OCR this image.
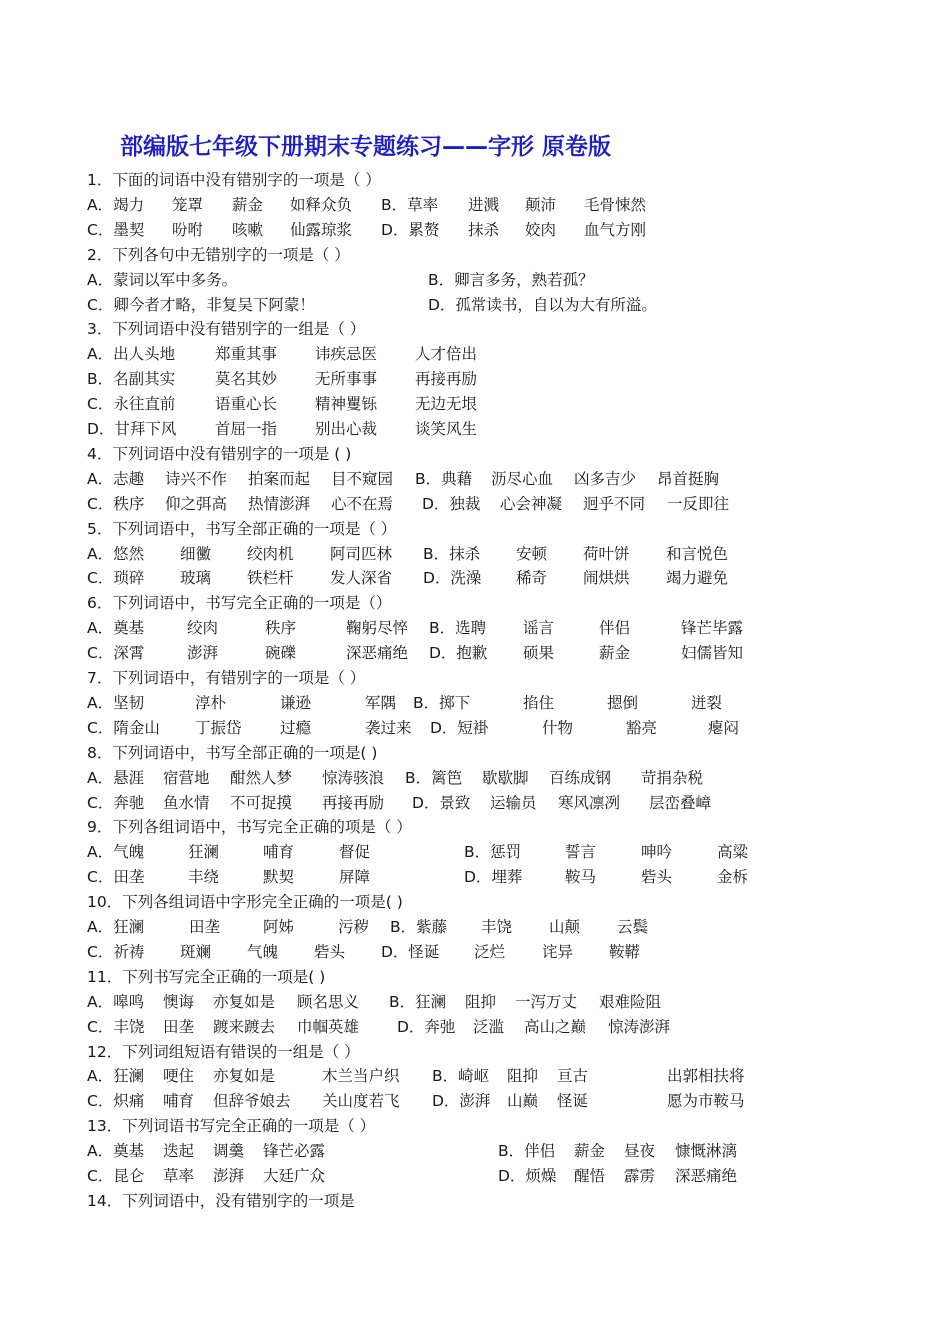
部编版七年级下册期末专题练习——字形 原卷版
1．下面的词语中没有错别字的一项是（ ）
A．竭力 笼罩 薪金 如释众负 B．草率 进溅 颠沛 毛骨悚然
C．墨契 吩咐 咳嗽 仙露琼浆 D．累赘 抹杀 姣肉 血气方刚
2．下列各句中无错别字的一项是（ ）
A．蒙词以军中多务。	B．卿言多务，熟若孤？
C．卿今者才略，非复吴下阿蒙！	D．孤常读书，自以为大有所溢。
3．下列词语中没有错别字的一组是（ ）
A．出人头地	郑重其事 讳疾忌医 人才倍出
B．名副其实	莫名其妙 无所事事 再接再励
C．永往直前	语重心长 精神矍铄 无边无垠
D．甘拜下风 首屈一指 别出心裁 谈笑风生
4．下列词语中没有错别字的一项是 ( )
A．志趣 诗兴不作 拍案而起 目不窥园 B．典藉 沥尽心血 凶多吉少 昂首挺胸
C．秩序 仰之弭高 热情澎湃 心不在焉 D．独裁 心会神凝 迥乎不同 一反即往
5．下列词语中，书写全部正确的一项是（ ）
A．悠然 细黴 绞肉机 阿司匹林 B．抹杀 安顿 荷叶饼 和言悦色
C．琐碎 玻璃 铁栏杆 发人深省 D．洗澡 稀奇 闹烘烘 竭力避免
6．下列词语中，书写完全正确的一项是（）
A．奠基	绞肉	秩序	鞠躬尽悴 B．选聘 谣言	伴侣	锋芒毕露
C．深霄	澎湃	碗礫	深恶痛绝 D．抱歉 硕果	薪金	妇儒皆知
7．下列词语中，有错别字的一项是（ ）
A．坚韧	淳朴	谦逊	军隅 B．掷下	掐住	摁倒	迸裂
C．隋金山 丁振岱 过瘾	袭过来 D．短褂	什物	豁亮	瘪闷
8．下列词语中，书写全部正确的一项是( )
A．悬涯 宿营地 酣然人梦 惊涛骇浪 B．篱笆 歇歇脚 百练成钢 苛捐杂税
C．奔驰 鱼水情 不可捉摸 再接再励 D．景致 运输员 寒风凛冽 层峦叠嶂
9．下列各组词语中，书写完全正确的项是（ ）
A．气魄	狂澜	哺育	督促	B．惩罚	誓言	呻吟	高粱
C．田垄	丰绕	默契	屏障	D．埋葬	鞍马	砦头	金柝
10．下列各组词语中字形完全正确的一项是( )
A．狂澜	田垄	阿姊	污秽 B．紫藤 丰饶 山颠 云鬓
C．祈祷 斑斓 气魄 砦头 D．怪诞 泛烂 诧异 鞍鞯
11．下列书写完全正确的一项是( )
A．嗥鸣 懊诲 亦复如是 顾名思义 B．狂澜 阻抑 一泻万丈 艰难险阻
C．丰饶 田垄 踱来踱去 巾帼英雄 D．奔弛 泛滥 高山之巅 惊涛澎湃
12．下列词组短语有错误的一组是（ ）
A．狂澜 哽住 亦复如是	木兰当户织 B．崎岖 阻抑 亘古	出郭相扶将
C．炽痛 哺育 但辞爷娘去 关山度若飞 D．澎湃 山巅 怪诞	愿为市鞍马
13．下列词语书写完全正确的一项是（ ）
A．奠基 迭起 调羹 锋芒必露	B．伴侣 薪金 昼夜 慷慨淋漓
C．昆仑 草率 澎湃 大廷广众	D．烦燥 醒悟 霹雳 深恶痛绝
14．下列词语中，没有错别字的一项是
